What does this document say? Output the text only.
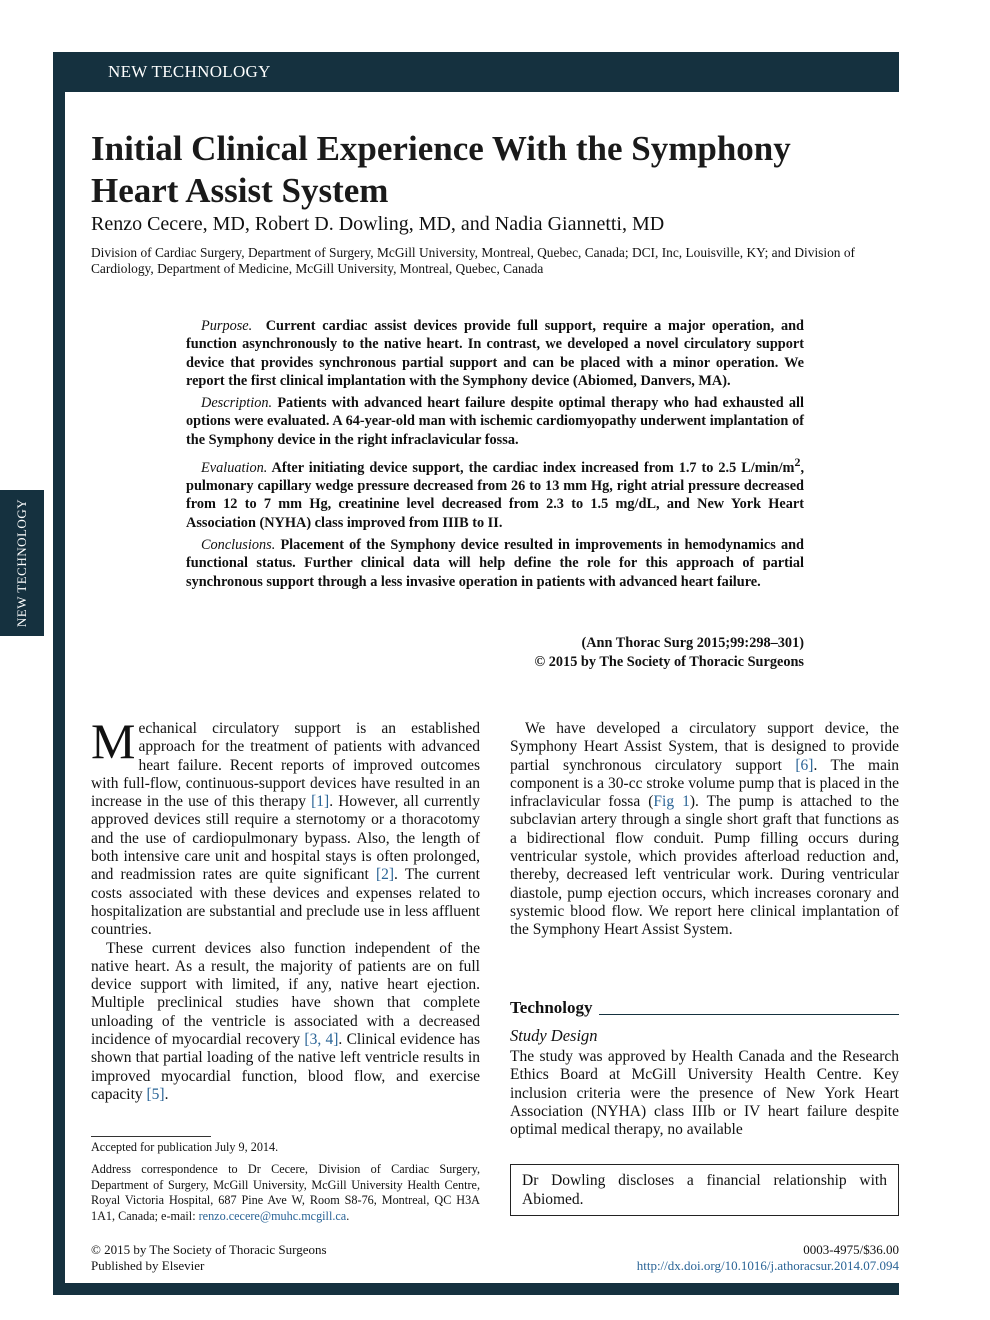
NEW TECHNOLOGY
NEW TECHNOLOGY
Initial Clinical Experience With the Symphony Heart Assist System
Renzo Cecere, MD, Robert D. Dowling, MD, and Nadia Giannetti, MD
Division of Cardiac Surgery, Department of Surgery, McGill University, Montreal, Quebec, Canada; DCI, Inc, Louisville, KY; and Division of Cardiology, Department of Medicine, McGill University, Montreal, Quebec, Canada

Purpose. Current cardiac assist devices provide full support, require a major operation, and function asynchronously to the native heart. In contrast, we developed a novel circulatory support device that provides synchronous partial support and can be placed with a minor operation. We report the first clinical implantation with the Symphony device (Abiomed, Danvers, MA).

Description. Patients with advanced heart failure despite optimal therapy who had exhausted all options were evaluated. A 64-year-old man with ischemic cardiomyopathy underwent implantation of the Symphony device in the right infraclavicular fossa.

Evaluation. After initiating device support, the cardiac index increased from 1.7 to 2.5 $L/\min/m^2$, pulmonary capillary wedge pressure decreased from 26 to 13 mm Hg, right atrial pressure decreased from 12 to 7 mm Hg, creatinine level decreased from 2.3 to 1.5 mg/dL, and New York Heart Association (NYHA) class improved from IIIB to II.

Conclusions. Placement of the Symphony device resulted in improvements in hemodynamics and functional status. Further clinical data will help define the role for this approach of partial synchronous support through a less invasive operation in patients with advanced heart failure.

(Ann Thorac Surg 2015;99:298–301)
© 2015 by The Society of Thoracic Surgeons

Mechanical circulatory support is an established approach for the treatment of patients with advanced heart failure. Recent reports of improved outcomes with full-flow, continuous-support devices have resulted in an increase in the use of this therapy [1]. However, all currently approved devices still require a sternotomy or a thoracotomy and the use of cardiopulmonary bypass. Also, the length of both intensive care unit and hospital stays is often prolonged, and readmission rates are quite significant [2]. The current costs associated with these devices and expenses related to hospitalization are substantial and preclude use in less affluent countries.

These current devices also function independent of the native heart. As a result, the majority of patients are on full device support with limited, if any, native heart ejection. Multiple preclinical studies have shown that complete unloading of the ventricle is associated with a decreased incidence of myocardial recovery [3, 4]. Clinical evidence has shown that partial loading of the native left ventricle results in improved myocardial function, blood flow, and exercise capacity [5].

We have developed a circulatory support device, the Symphony Heart Assist System, that is designed to provide partial synchronous circulatory support [6]. The main component is a 30-cc stroke volume pump that is placed in the infraclavicular fossa (Fig 1). The pump is attached to the subclavian artery through a single short graft that functions as a bidirectional flow conduit. Pump filling occurs during ventricular systole, which provides afterload reduction and, thereby, decreased left ventricular work. During ventricular diastole, pump ejection occurs, which increases coronary and systemic blood flow. We report here clinical implantation of the Symphony Heart Assist System.

Technology
Study Design

The study was approved by Health Canada and the Research Ethics Board at McGill University Health Centre. Key inclusion criteria were the presence of New York Heart Association (NYHA) class IIIb or IV heart failure despite optimal medical therapy, no available

Accepted for publication July 9, 2014.
Address correspondence to Dr Cecere, Division of Cardiac Surgery, Department of Surgery, McGill University, McGill University Health Centre, Royal Victoria Hospital, 687 Pine Ave W, Room S8-76, Montreal, QC H3A 1A1, Canada; e-mail: renzo.cecere@muhc.mcgill.ca.
Dr Dowling discloses a financial relationship with Abiomed.
© 2015 by The Society of Thoracic Surgeons
Published by Elsevier
0003-4975/$36.00
http://dx.doi.org/10.1016/j.athoracsur.2014.07.094
